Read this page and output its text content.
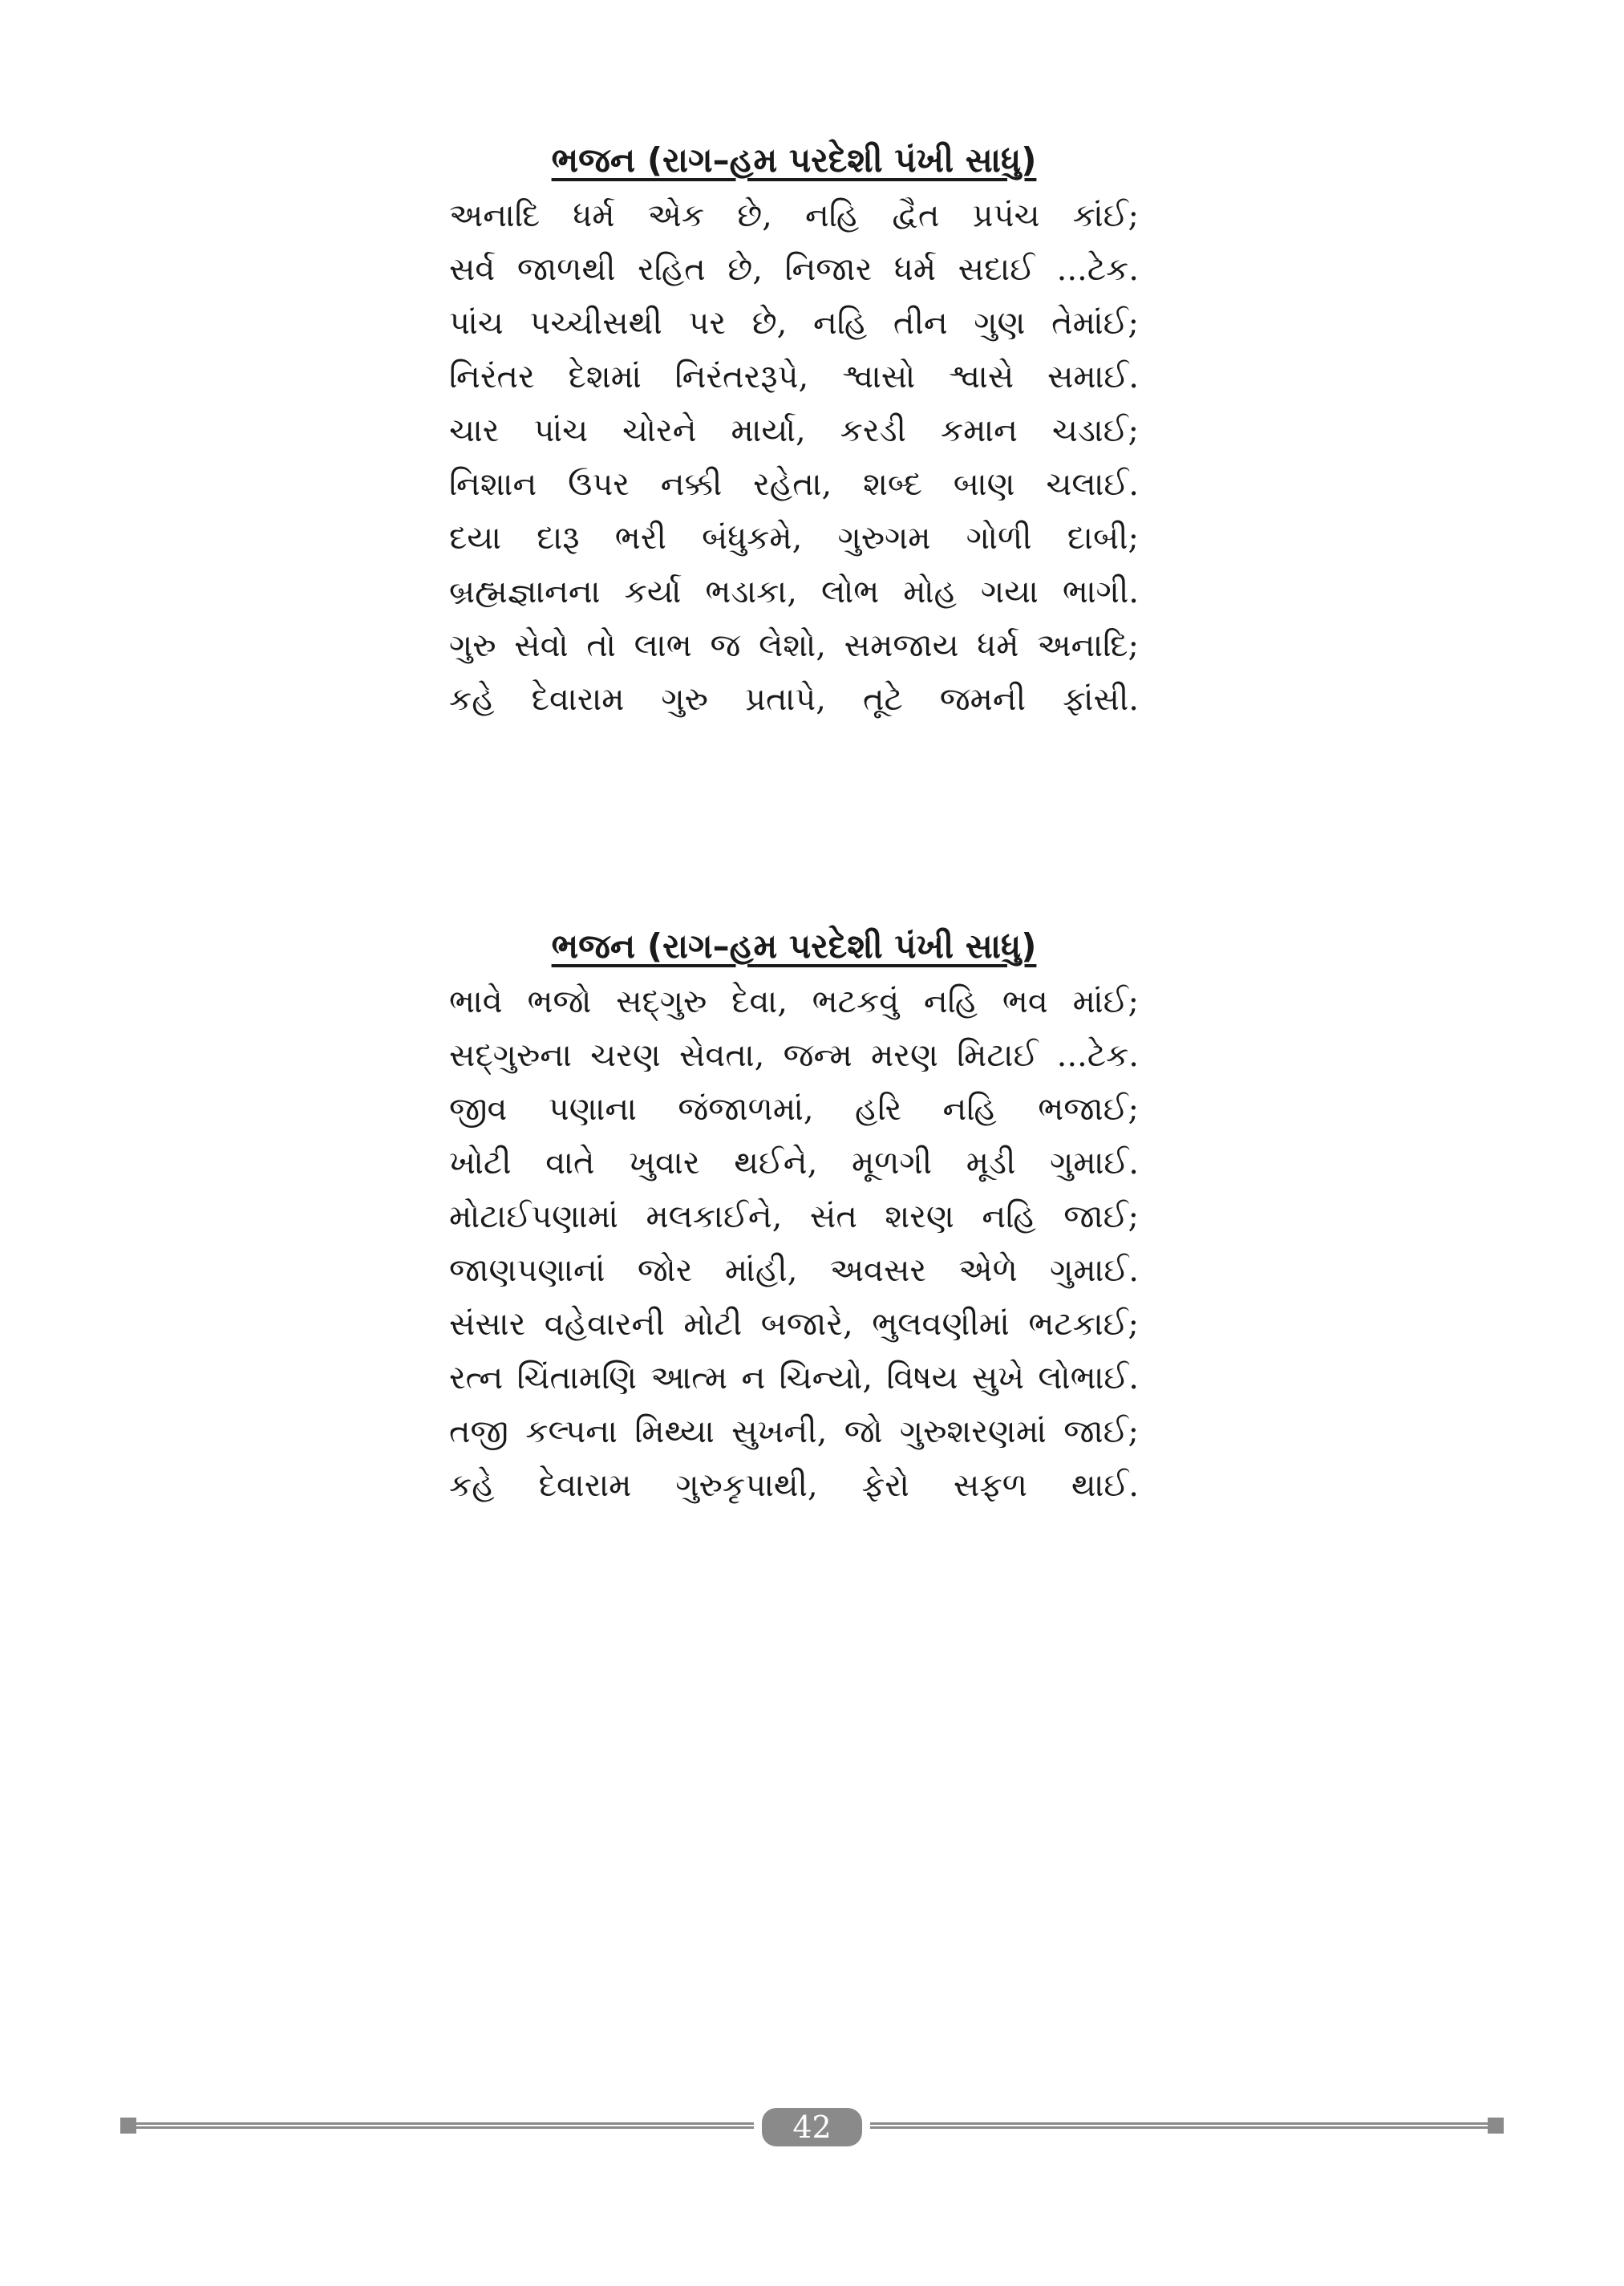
ભજન (રાગ–હમ પરદેશી પંખી સાધુ)
અનાદિ ધર્મ એક છે, નહિ દ્વૈત પ્રપંચ કાંઈ;
સર્વ જાળથી રહિત છે, નિજાર ધર્મ સદાઈ ...ટેક.
પાંચ પચ્ચીસથી પર છે, નહિ તીન ગુણ તેમાંઈ;
નિરંતર દેશમાં નિરંતરરૂપે, શ્વાસો શ્વાસે સમાઈ.
ચાર પાંચ ચોરને માર્યા, કરડી કમાન ચડાઈ;
નિશાન ઉપર નક્કી રહેતા, શબ્દ બાણ ચલાઈ.
દયા દારૂ ભરી બંધુકમે, ગુરુગમ ગોળી દાબી;
બ્રહ્મજ્ઞાનના કર્યા ભડાકા, લોભ મોહ ગયા ભાગી.
ગુરુ સેવો તો લાભ જ લેશો, સમજાય ધર્મ અનાદિ;
કહે દેવારામ ગુરુ પ્રતાપે, તૂટે જમની ફાંસી.
ભજન (રાગ–હમ પરદેશી પંખી સાધુ)
ભાવે ભજો સદ્‌ગુરુ દેવા, ભટકવું નહિ ભવ માંઈ;
સદ્‌ગુરુના ચરણ સેવતા, જન્મ મરણ મિટાઈ ...ટેક.
જીવ પણાના જંજાળમાં, હરિ નહિ ભજાઈ;
ખોટી વાતે ખુવાર થઈને, મૂળગી મૂડી ગુમાઈ.
મોટાઈપણામાં મલકાઈને, સંત શરણ નહિ જાઈ;
જાણપણાનાં જોર માંહી, અવસર એળે ગુમાઈ.
સંસાર વહેવારની મોટી બજારે, ભુલવણીમાં ભટકાઈ;
રત્ન ચિંતામણિ આત્મ ન ચિન્યો, વિષય સુખે લોભાઈ.
તજી કલ્પના મિથ્યા સુખની, જો ગુરુશરણમાં જાઈ;
કહે દેવારામ ગુરુકૃપાથી, ફેરો સફળ થાઈ.
42
